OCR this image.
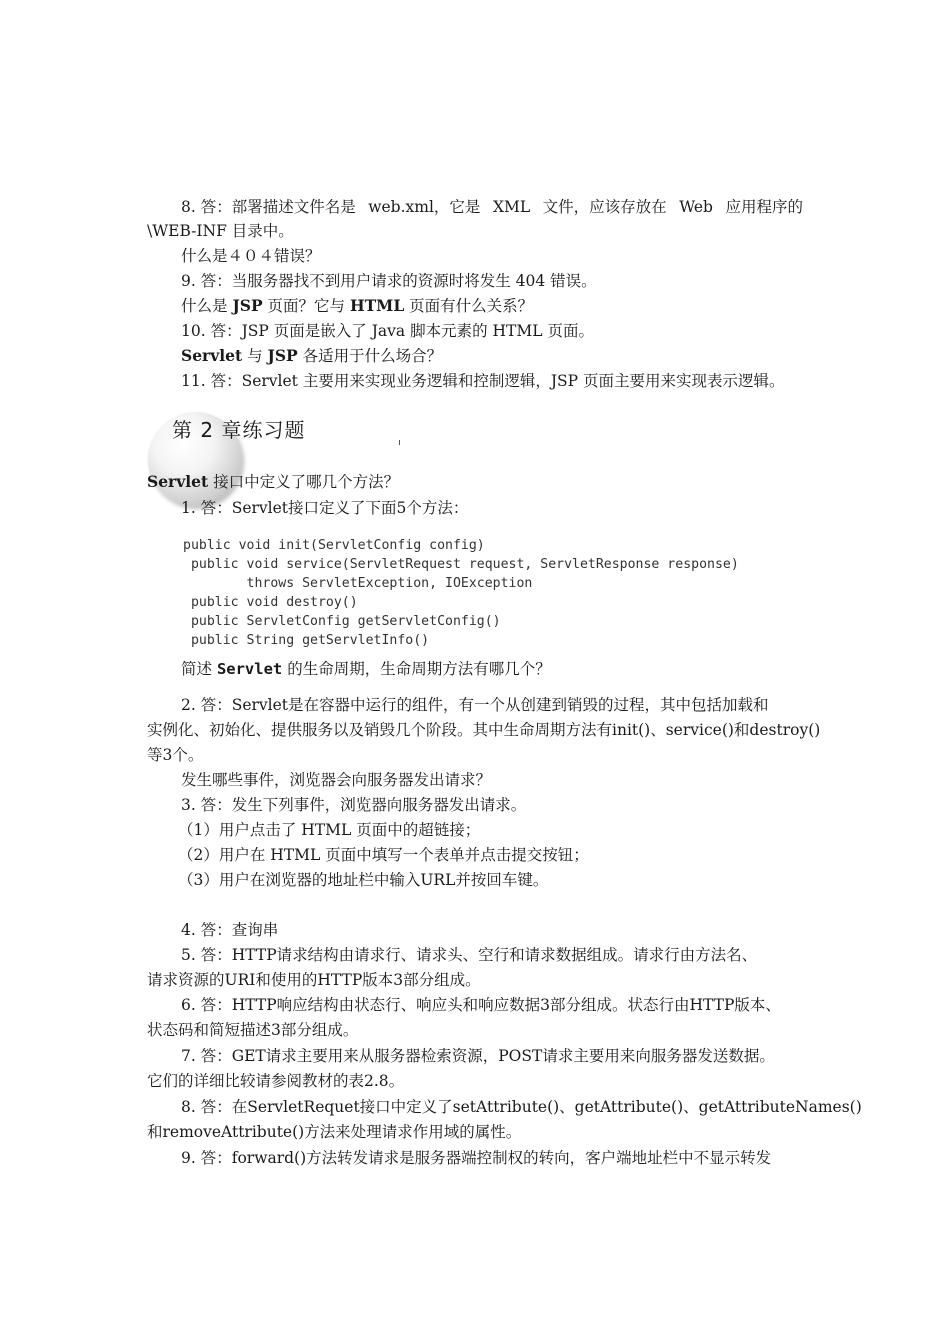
8. 答：部署描述文件名是 web.xml，它是 XML 文件，应该存放在 Web 应用程序的
\WEB-INF 目录中。
什么是４０４错误？
9. 答：当服务器找不到用户请求的资源时将发生 404 错误。
什么是 JSP 页面？它与 HTML 页面有什么关系？
10. 答：JSP 页面是嵌入了 Java 脚本元素的 HTML 页面。
Servlet 与 JSP 各适用于什么场合？
11. 答：Servlet 主要用来实现业务逻辑和控制逻辑，JSP 页面主要用来实现表示逻辑。
第 2 章练习题
Servlet 接口中定义了哪几个方法？
1. 答：Servlet接口定义了下面5个方法：
public void init(ServletConfig config)
public void service(ServletRequest request, ServletResponse response)
throws ServletException, IOException
public void destroy()
public ServletConfig getServletConfig()
public String getServletInfo()
简述 Servlet 的生命周期，生命周期方法有哪几个？
2. 答：Servlet是在容器中运行的组件，有一个从创建到销毁的过程，其中包括加载和
实例化、初始化、提供服务以及销毁几个阶段。其中生命周期方法有init()、service()和destroy()
等3个。
发生哪些事件，浏览器会向服务器发出请求？
3. 答：发生下列事件，浏览器向服务器发出请求。
（1）用户点击了 HTML 页面中的超链接；
（2）用户在 HTML 页面中填写一个表单并点击提交按钮；
（3）用户在浏览器的地址栏中输入URL并按回车键。
4. 答：查询串
5. 答：HTTP请求结构由请求行、请求头、空行和请求数据组成。请求行由方法名、
请求资源的URI和使用的HTTP版本3部分组成。
6. 答：HTTP响应结构由状态行、响应头和响应数据3部分组成。状态行由HTTP版本、
状态码和简短描述3部分组成。
7. 答：GET请求主要用来从服务器检索资源，POST请求主要用来向服务器发送数据。
它们的详细比较请参阅教材的表2.8。
8. 答：在ServletRequet接口中定义了setAttribute()、getAttribute()、getAttributeNames()
和removeAttribute()方法来处理请求作用域的属性。
9. 答：forward()方法转发请求是服务器端控制权的转向，客户端地址栏中不显示转发
